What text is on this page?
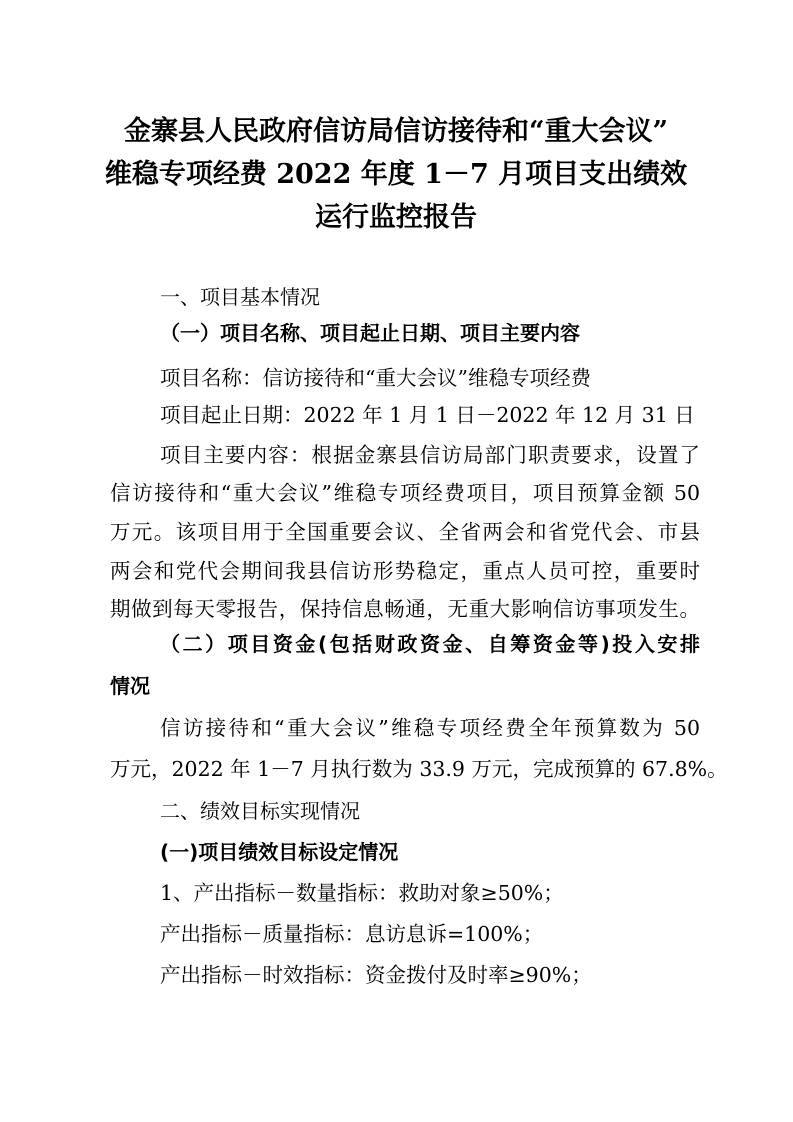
金寨县人民政府信访局信访接待和“重大会议”
维稳专项经费 2022 年度 1－7 月项目支出绩效
运行监控报告
一、项目基本情况
（一）项目名称、项目起止日期、项目主要内容
项目名称：信访接待和“重大会议”维稳专项经费
项目起止日期：2022 年 1 月 1 日－2022 年 12 月 31 日
项目主要内容：根据金寨县信访局部门职责要求，设置了
信访接待和“重大会议”维稳专项经费项目，项目预算金额 50
万元。该项目用于全国重要会议、全省两会和省党代会、市县
两会和党代会期间我县信访形势稳定，重点人员可控，重要时
期做到每天零报告，保持信息畅通，无重大影响信访事项发生。
（二）项目资金(包括财政资金、自筹资金等)投入安排
情况
信访接待和“重大会议”维稳专项经费全年预算数为 50
万元，2022 年 1－7 月执行数为 33.9 万元，完成预算的 67.8%。
二、绩效目标实现情况
(一)项目绩效目标设定情况
1、产出指标－数量指标：救助对象≥50%；
产出指标－质量指标：息访息诉=100%；
产出指标－时效指标：资金拨付及时率≥90%；
